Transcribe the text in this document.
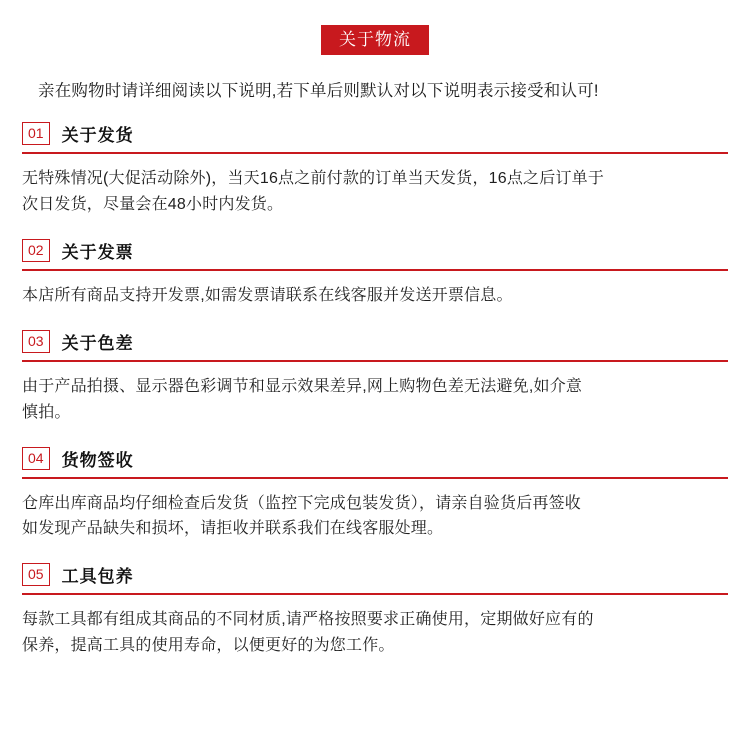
关于物流
亲在购物时请详细阅读以下说明,若下单后则默认对以下说明表示接受和认可!
01	关于发货
无特殊情况(大促活动除外)，当天16点之前付款的订单当天发货，16点之后订单于
次日发货，尽量会在48小时内发货。
02	关于发票
本店所有商品支持开发票,如需发票请联系在线客服并发送开票信息。
03	关于色差
由于产品拍摄、显示器色彩调节和显示效果差异,网上购物色差无法避免,如介意
慎拍。
04	货物签收
仓库出库商品均仔细检查后发货（监控下完成包装发货），请亲自验货后再签收
如发现产品缺失和损坏，请拒收并联系我们在线客服处理。
05	工具包养
每款工具都有组成其商品的不同材质,请严格按照要求正确使用，定期做好应有的
保养，提高工具的使用寿命，以便更好的为您工作。
